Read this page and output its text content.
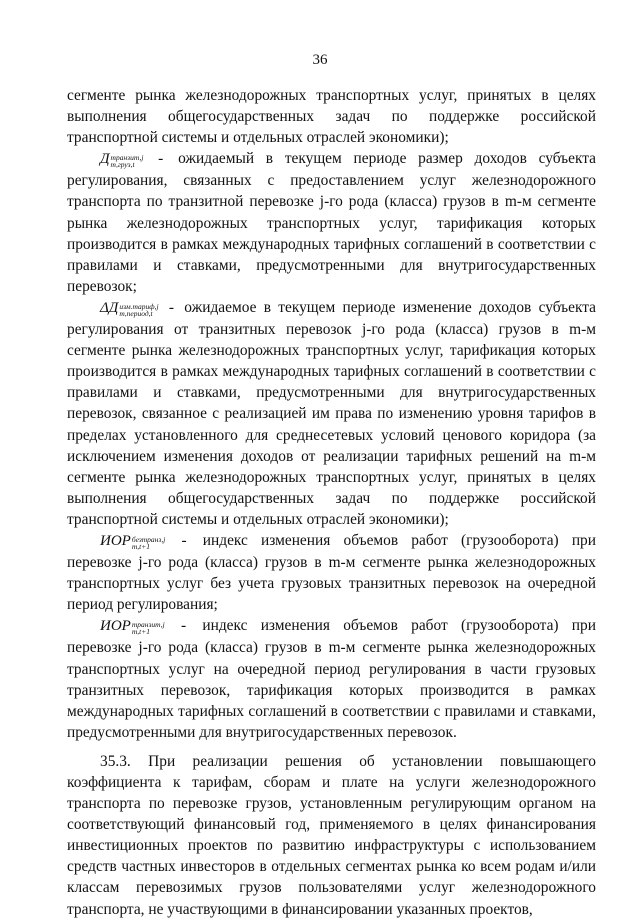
36

сегменте рынка железнодорожных транспортных услуг, принятых в целях выполнения общегосударственных задач по поддержке российской транспортной системы и отдельных отраслей экономики);

Д транзит,j
m,груз,t	- ожидаемый в текущем периоде размер доходов субъекта регулирования, связанных с предоставлением услуг железнодорожного транспорта по транзитной перевозке j-го рода (класса) грузов в m-м сегменте рынка железнодорожных транспортных услуг, тарификация которых производится в рамках международных тарифных соглашений в соответствии с правилами и ставками, предусмотренными для внутригосударственных перевозок;

ΔД изм.тариф,j
m,период,t	- ожидаемое в текущем периоде изменение доходов субъекта регулирования от транзитных перевозок j-го рода (класса) грузов в m-м сегменте рынка железнодорожных транспортных услуг, тарификация которых производится в рамках международных тарифных соглашений в соответствии с правилами и ставками, предусмотренными для внутригосударственных перевозок, связанное с реализацией им права по изменению уровня тарифов в пределах установленного для среднесетевых условий ценового коридора (за исключением изменения доходов от реализации тарифных решений на m-м сегменте рынка железнодорожных транспортных услуг, принятых в целях выполнения общегосударственных задач по поддержке российской транспортной системы и отдельных отраслей экономики);

ИОР безтранз,j
m,t+1	- индекс изменения объемов работ (грузооборота) при перевозке j-го рода (класса) грузов в m-м сегменте рынка железнодорожных транспортных услуг без учета грузовых транзитных перевозок на очередной период регулирования;

ИОР транзит,j
m,t+1	- индекс изменения объемов работ (грузооборота) при перевозке j-го рода (класса) грузов в m-м сегменте рынка железнодорожных транспортных услуг на очередной период регулирования в части грузовых транзитных перевозок, тарификация которых производится в рамках международных тарифных соглашений в соответствии с правилами и ставками, предусмотренными для внутригосударственных перевозок.

35.3. При реализации решения об установлении повышающего коэффициента к тарифам, сборам и плате на услуги железнодорожного транспорта по перевозке грузов, установленным регулирующим органом на соответствующий финансовый год, применяемого в целях финансирования инвестиционных проектов по развитию инфраструктуры с использованием средств частных инвесторов в отдельных сегментах рынка ко всем родам и/или классам перевозимых грузов пользователями услуг железнодорожного транспорта, не участвующими в финансировании указанных проектов,
